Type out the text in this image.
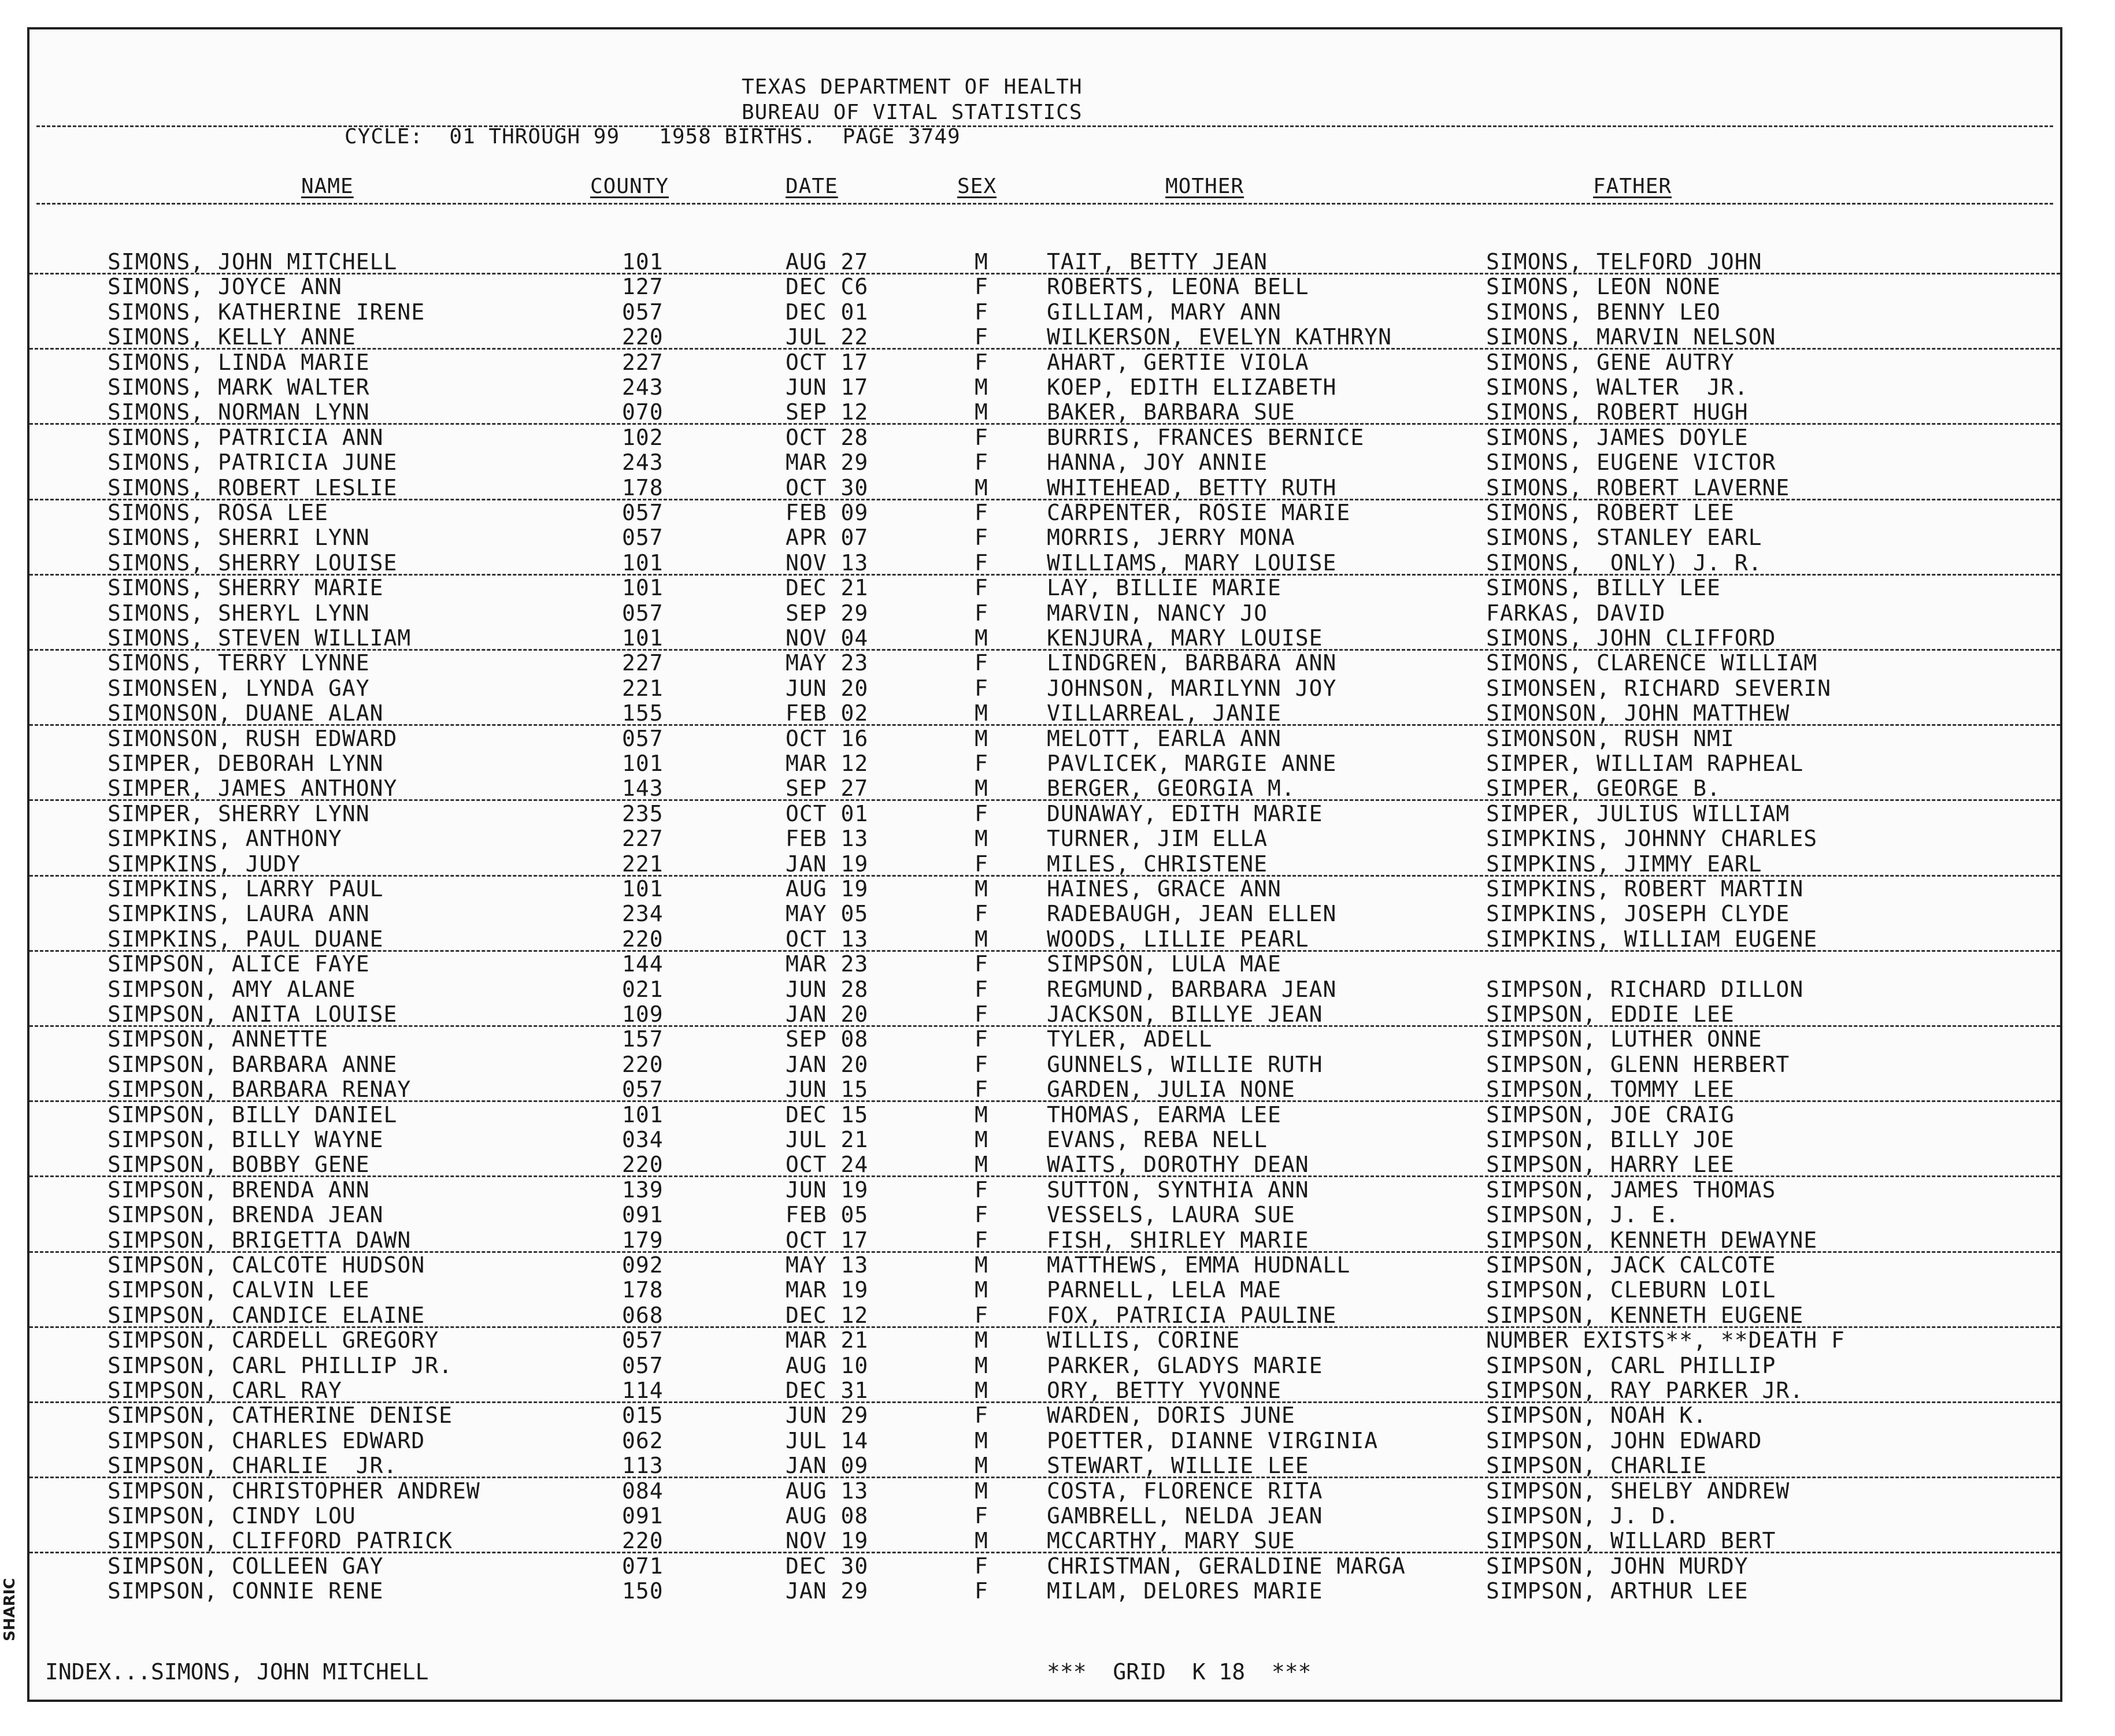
TEXAS DEPARTMENT OF HEALTH
BUREAU OF VITAL STATISTICS
CYCLE:  01 THROUGH 99   1958 BIRTHS.  PAGE 3749
NAME	COUNTY	DATE	SEX	MOTHER	FATHER
SIMONS, JOHN MITCHELL	101	AUG 27	M	TAIT, BETTY JEAN	SIMONS, TELFORD JOHN
SIMONS, JOYCE ANN	127	DEC C6	F	ROBERTS, LEONA BELL	SIMONS, LEON NONE
SIMONS, KATHERINE IRENE	057	DEC 01	F	GILLIAM, MARY ANN	SIMONS, BENNY LEO
SIMONS, KELLY ANNE	220	JUL 22	F	WILKERSON, EVELYN KATHRYN	SIMONS, MARVIN NELSON
SIMONS, LINDA MARIE	227	OCT 17	F	AHART, GERTIE VIOLA	SIMONS, GENE AUTRY
SIMONS, MARK WALTER	243	JUN 17	M	KOEP, EDITH ELIZABETH	SIMONS, WALTER  JR.
SIMONS, NORMAN LYNN	070	SEP 12	M	BAKER, BARBARA SUE	SIMONS, ROBERT HUGH
SIMONS, PATRICIA ANN	102	OCT 28	F	BURRIS, FRANCES BERNICE	SIMONS, JAMES DOYLE
SIMONS, PATRICIA JUNE	243	MAR 29	F	HANNA, JOY ANNIE	SIMONS, EUGENE VICTOR
SIMONS, ROBERT LESLIE	178	OCT 30	M	WHITEHEAD, BETTY RUTH	SIMONS, ROBERT LAVERNE
SIMONS, ROSA LEE	057	FEB 09	F	CARPENTER, ROSIE MARIE	SIMONS, ROBERT LEE
SIMONS, SHERRI LYNN	057	APR 07	F	MORRIS, JERRY MONA	SIMONS, STANLEY EARL
SIMONS, SHERRY LOUISE	101	NOV 13	F	WILLIAMS, MARY LOUISE	SIMONS,  ONLY) J. R.
SIMONS, SHERRY MARIE	101	DEC 21	F	LAY, BILLIE MARIE	SIMONS, BILLY LEE
SIMONS, SHERYL LYNN	057	SEP 29	F	MARVIN, NANCY JO	FARKAS, DAVID
SIMONS, STEVEN WILLIAM	101	NOV 04	M	KENJURA, MARY LOUISE	SIMONS, JOHN CLIFFORD
SIMONS, TERRY LYNNE	227	MAY 23	F	LINDGREN, BARBARA ANN	SIMONS, CLARENCE WILLIAM
SIMONSEN, LYNDA GAY	221	JUN 20	F	JOHNSON, MARILYNN JOY	SIMONSEN, RICHARD SEVERIN
SIMONSON, DUANE ALAN	155	FEB 02	M	VILLARREAL, JANIE	SIMONSON, JOHN MATTHEW
SIMONSON, RUSH EDWARD	057	OCT 16	M	MELOTT, EARLA ANN	SIMONSON, RUSH NMI
SIMPER, DEBORAH LYNN	101	MAR 12	F	PAVLICEK, MARGIE ANNE	SIMPER, WILLIAM RAPHEAL
SIMPER, JAMES ANTHONY	143	SEP 27	M	BERGER, GEORGIA M.	SIMPER, GEORGE B.
SIMPER, SHERRY LYNN	235	OCT 01	F	DUNAWAY, EDITH MARIE	SIMPER, JULIUS WILLIAM
SIMPKINS, ANTHONY	227	FEB 13	M	TURNER, JIM ELLA	SIMPKINS, JOHNNY CHARLES
SIMPKINS, JUDY	221	JAN 19	F	MILES, CHRISTENE	SIMPKINS, JIMMY EARL
SIMPKINS, LARRY PAUL	101	AUG 19	M	HAINES, GRACE ANN	SIMPKINS, ROBERT MARTIN
SIMPKINS, LAURA ANN	234	MAY 05	F	RADEBAUGH, JEAN ELLEN	SIMPKINS, JOSEPH CLYDE
SIMPKINS, PAUL DUANE	220	OCT 13	M	WOODS, LILLIE PEARL	SIMPKINS, WILLIAM EUGENE
SIMPSON, ALICE FAYE	144	MAR 23	F	SIMPSON, LULA MAE
SIMPSON, AMY ALANE	021	JUN 28	F	REGMUND, BARBARA JEAN	SIMPSON, RICHARD DILLON
SIMPSON, ANITA LOUISE	109	JAN 20	F	JACKSON, BILLYE JEAN	SIMPSON, EDDIE LEE
SIMPSON, ANNETTE	157	SEP 08	F	TYLER, ADELL	SIMPSON, LUTHER ONNE
SIMPSON, BARBARA ANNE	220	JAN 20	F	GUNNELS, WILLIE RUTH	SIMPSON, GLENN HERBERT
SIMPSON, BARBARA RENAY	057	JUN 15	F	GARDEN, JULIA NONE	SIMPSON, TOMMY LEE
SIMPSON, BILLY DANIEL	101	DEC 15	M	THOMAS, EARMA LEE	SIMPSON, JOE CRAIG
SIMPSON, BILLY WAYNE	034	JUL 21	M	EVANS, REBA NELL	SIMPSON, BILLY JOE
SIMPSON, BOBBY GENE	220	OCT 24	M	WAITS, DOROTHY DEAN	SIMPSON, HARRY LEE
SIMPSON, BRENDA ANN	139	JUN 19	F	SUTTON, SYNTHIA ANN	SIMPSON, JAMES THOMAS
SIMPSON, BRENDA JEAN	091	FEB 05	F	VESSELS, LAURA SUE	SIMPSON, J. E.
SIMPSON, BRIGETTA DAWN	179	OCT 17	F	FISH, SHIRLEY MARIE	SIMPSON, KENNETH DEWAYNE
SIMPSON, CALCOTE HUDSON	092	MAY 13	M	MATTHEWS, EMMA HUDNALL	SIMPSON, JACK CALCOTE
SIMPSON, CALVIN LEE	178	MAR 19	M	PARNELL, LELA MAE	SIMPSON, CLEBURN LOIL
SIMPSON, CANDICE ELAINE	068	DEC 12	F	FOX, PATRICIA PAULINE	SIMPSON, KENNETH EUGENE
SIMPSON, CARDELL GREGORY	057	MAR 21	M	WILLIS, CORINE	NUMBER EXISTS**, **DEATH F
SIMPSON, CARL PHILLIP JR.	057	AUG 10	M	PARKER, GLADYS MARIE	SIMPSON, CARL PHILLIP
SIMPSON, CARL RAY	114	DEC 31	M	ORY, BETTY YVONNE	SIMPSON, RAY PARKER JR.
SIMPSON, CATHERINE DENISE	015	JUN 29	F	WARDEN, DORIS JUNE	SIMPSON, NOAH K.
SIMPSON, CHARLES EDWARD	062	JUL 14	M	POETTER, DIANNE VIRGINIA	SIMPSON, JOHN EDWARD
SIMPSON, CHARLIE  JR.	113	JAN 09	M	STEWART, WILLIE LEE	SIMPSON, CHARLIE
SIMPSON, CHRISTOPHER ANDREW	084	AUG 13	M	COSTA, FLORENCE RITA	SIMPSON, SHELBY ANDREW
SIMPSON, CINDY LOU	091	AUG 08	F	GAMBRELL, NELDA JEAN	SIMPSON, J. D.
SIMPSON, CLIFFORD PATRICK	220	NOV 19	M	MCCARTHY, MARY SUE	SIMPSON, WILLARD BERT
SIMPSON, COLLEEN GAY	071	DEC 30	F	CHRISTMAN, GERALDINE MARGA	SIMPSON, JOHN MURDY
SIMPSON, CONNIE RENE	150	JAN 29	F	MILAM, DELORES MARIE	SIMPSON, ARTHUR LEE
INDEX...SIMONS, JOHN MITCHELL	***  GRID  K 18  ***
SHARIC
